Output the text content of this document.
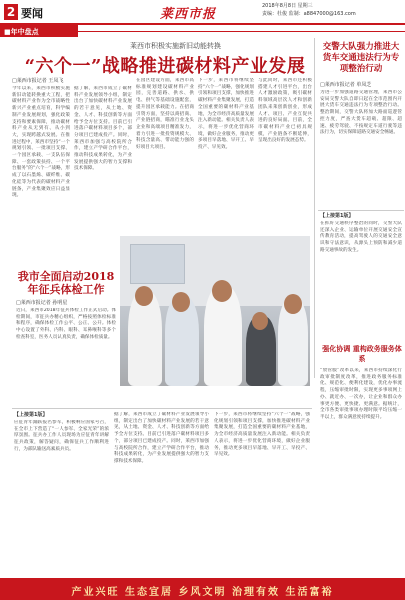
2 要闻	莱西市报
2018年8月8日 星期三
责编：杜俊 监制：a8847000@163.com
■年中盘点
莱西市积极实施新旧动能转换
“六个一”战略推进碳材料产业发展
□莱西市报记者 王凤飞
今年以来，莱西市积极实施新旧动能转换重大工程，把碳材料产业作为全市战略性新兴产业重点培育，科学编制产业发展规划，强化政策支持和要素保障，推动碳材料产业从无到有、从小到大，实现跨越式发展。在推进过程中，莱西市坚持“一个规划引领、一批项目支撑、一个园区承载、一支队伍保障、一套政策扶持、一个平台服务”的“六个一”战略，形成了以石墨烯、碳纤维、碳化硅等为代表的碳材料产业链条，产业集聚效应日益显现。
据了解，莱西市成立了碳材料产业发展领导小组，制定出台了加快碳材料产业发展的若干意见，从土地、资金、人才、科技创新等方面给予全方位支持。目前已引进落户碳材料项目多个，部分项目已建成投产。同时，莱西市加强与高校院所合作，建立产学研合作平台，推动科技成果转化，为产业发展提供强大的智力支撑和技术保障。
在园区建设方面，莱西市高标准规划建设碳材料产业园，完善道路、供水、供电、供气等基础设施配套，提升园区承载能力。在招商引资方面，坚持以商招商、产业链招商，瞄准行业龙头企业和高端项目精准发力，着力引进一批投资规模大、科技含量高、带动能力强的好项目大项目。
下一步，莱西市将继续坚持“六个一”战略，强化规划引领和项目支撑，加快推进碳材料产业集聚发展，打造全国重要的碳材料产业基地，为全市经济高质量发展注入新动能。相关负责人表示，将进一步优化营商环境，做好企业服务，推动更多项目早落地、早开工、早投产、早见效。
与此同时，莱西市还积极搭建人才引进平台，出台人才激励政策，吸引碳材料领域高层次人才和创新团队来莱创新创业，形成人才、项目、产业互促共进的良好局面。目前，全市碳材料产业已初具规模，产业链条不断延伸，呈现出良好的发展态势。
交警大队强力推进大货车交通违法行为专项整治行动
□莱西市报记者 单凤芝
为进一步加强道路交通管理，莱西市公安局交警大队自即日起在全市范围内开展大货车交通违法行为专项整治行动。整治期间，交警大队将加大路面巡逻管控力度，严查大货车超载、超限、超速、疲劳驾驶、不按规定车道行驶等违法行为，切实保障道路交通安全畅通。
【上接第1版】
在抓好交通秩序整治的同时，交警大队还深入企业、运输单位开展交通安全宣传教育活动，提高驾驶人的交通安全意识和守法意识，从源头上预防和减少道路交通事故的发生。
强化协调 重构政务服务体系
“放管服”改革以来，莱西市持续深化行政审批制度改革，推进政务服务标准化、规范化、便利化建设，优化办事流程，压缩审批时限，实现更多事项网上办、就近办、一次办，让企业和群众办事更方便、更快捷、更满意。据统计，全市各类审批事项办理时限平均压缩一半以上，群众满意度持续提升。
我市全面启动2018年征兵体检工作
□莱西市报记者 孙明星
近日，莱西市2018年征兵体检工作正式启动。体检期间，市征兵办精心组织，严格按照体检标准和程序，确保体检工作公平、公正、公开。体检中心设置了外科、内科、眼科、耳鼻喉科等多个检查科室，医务人员认真负责，确保体检质量。
【上接第1版】
应征青年踊跃报名参军，积极响应国家号召，在全市上下营造了“一人参军、全家光荣”的浓厚氛围。征兵办工作人员现场为应征青年讲解征兵政策，解答疑问，确保征兵工作顺利进行，为部队输送高素质兵员。
据了解，莱西市成立了碳材料产业发展领导小组，制定出台了加快碳材料产业发展的若干意见，从土地、资金、人才、科技创新等方面给予全方位支持。目前已引进落户碳材料项目多个，部分项目已建成投产。同时，莱西市加强与高校院所合作，建立产学研合作平台，推动科技成果转化，为产业发展提供强大的智力支撑和技术保障。
下一步，莱西市将继续坚持“六个一”战略，强化规划引领和项目支撑，加快推进碳材料产业集聚发展，打造全国重要的碳材料产业基地，为全市经济高质量发展注入新动能。相关负责人表示，将进一步优化营商环境，做好企业服务，推动更多项目早落地、早开工、早投产、早见效。
产业兴旺 生态宜居 乡风文明 治理有效 生活富裕
